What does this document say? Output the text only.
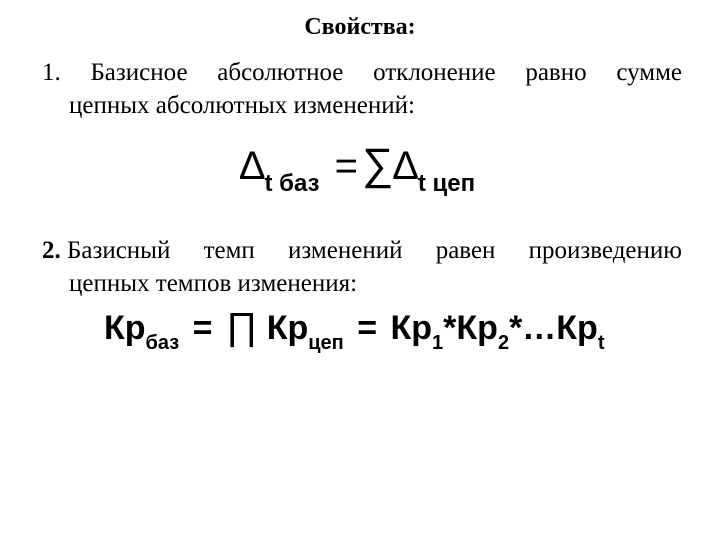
Свойства:
1. Базисное абсолютное отклонение равно сумме
цепных абсолютных изменений:
$\Delta_{t баз} =\sum\Delta_{t цеп}$
2. Базисный темп изменений равен произведению
цепных темпов изменения:
$Кр_{баз}$ = ∏ $Кр_{цеп}$ = $Кр_1*Кр_2*\dots Кр_t$
